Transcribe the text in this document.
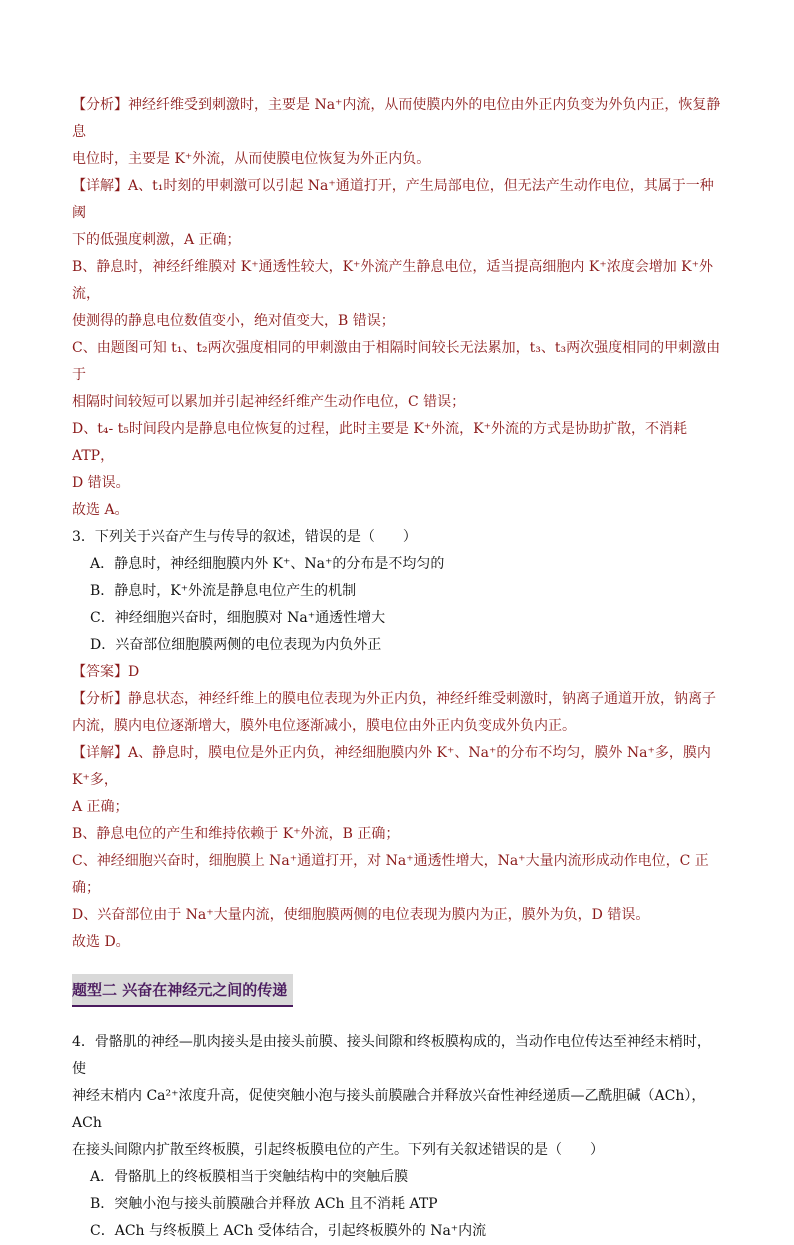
【分析】神经纤维受到刺激时，主要是 Na⁺内流，从而使膜内外的电位由外正内负变为外负内正，恢复静息

电位时，主要是 K⁺外流，从而使膜电位恢复为外正内负。

【详解】A、t₁时刻的甲刺激可以引起 Na⁺通道打开，产生局部电位，但无法产生动作电位，其属于一种阈

下的低强度刺激，A 正确；

B、静息时，神经纤维膜对 K⁺通透性较大，K⁺外流产生静息电位，适当提高细胞内 K⁺浓度会增加 K⁺外流，

使测得的静息电位数值变小，绝对值变大，B 错误；

C、由题图可知 t₁、t₂两次强度相同的甲刺激由于相隔时间较长无法累加，t₃、t₃两次强度相同的甲刺激由于

相隔时间较短可以累加并引起神经纤维产生动作电位，C 错误；

D、t₄- t₅时间段内是静息电位恢复的过程，此时主要是 K⁺外流，K⁺外流的方式是协助扩散，不消耗 ATP，

D 错误。

故选 A。

3．下列关于兴奋产生与传导的叙述，错误的是（　　）

A．静息时，神经细胞膜内外 K⁺、Na⁺的分布是不均匀的

B．静息时，K⁺外流是静息电位产生的机制

C．神经细胞兴奋时，细胞膜对 Na⁺通透性增大

D．兴奋部位细胞膜两侧的电位表现为内负外正

【答案】D

【分析】静息状态，神经纤维上的膜电位表现为外正内负，神经纤维受刺激时，钠离子通道开放，钠离子

内流，膜内电位逐渐增大，膜外电位逐渐减小，膜电位由外正内负变成外负内正。

【详解】A、静息时，膜电位是外正内负，神经细胞膜内外 K⁺、Na⁺的分布不均匀，膜外 Na⁺多，膜内 K⁺多，

A 正确；

B、静息电位的产生和维持依赖于 K⁺外流，B 正确；

C、神经细胞兴奋时，细胞膜上 Na⁺通道打开，对 Na⁺通透性增大，Na⁺大量内流形成动作电位，C 正确；

D、兴奋部位由于 Na⁺大量内流，使细胞膜两侧的电位表现为膜内为正，膜外为负，D 错误。

故选 D。

题型二 兴奋在神经元之间的传递

4．骨骼肌的神经—肌肉接头是由接头前膜、接头间隙和终板膜构成的，当动作电位传达至神经末梢时，使

神经末梢内 Ca²⁺浓度升高，促使突触小泡与接头前膜融合并释放兴奋性神经递质—乙酰胆碱（ACh），ACh

在接头间隙内扩散至终板膜，引起终板膜电位的产生。下列有关叙述错误的是（　　）

A．骨骼肌上的终板膜相当于突触结构中的突触后膜

B．突触小泡与接头前膜融合并释放 ACh 且不消耗 ATP

C．ACh 与终板膜上 ACh 受体结合，引起终板膜外的 Na⁺内流
